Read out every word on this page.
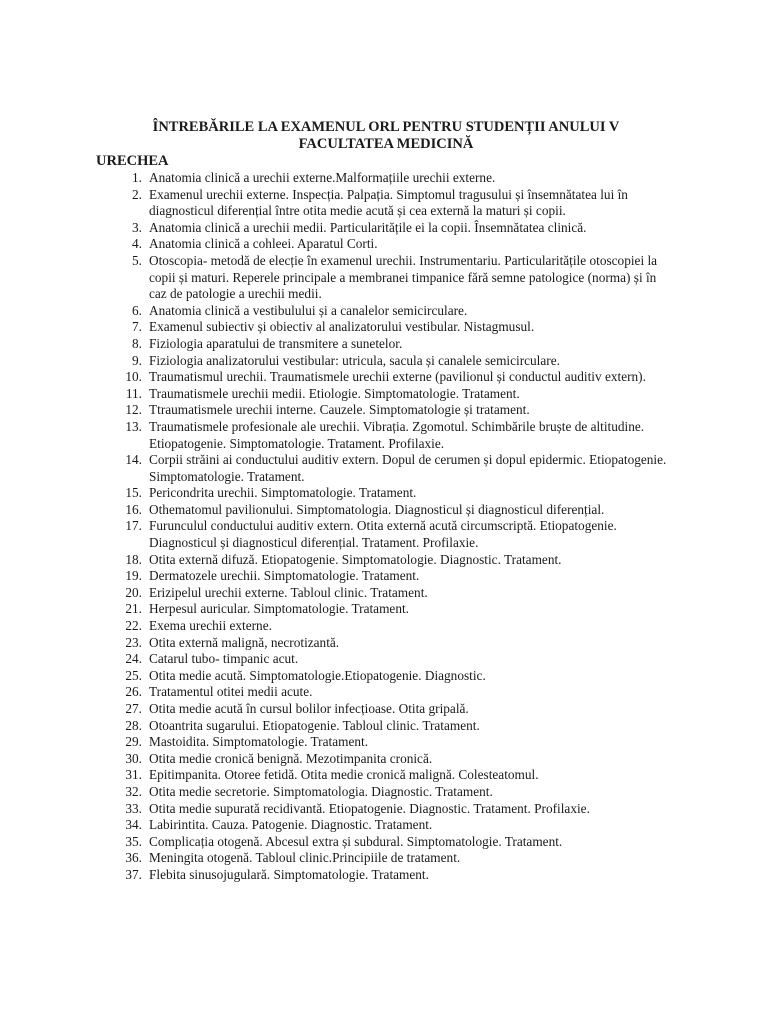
ÎNTREBĂRILE LA EXAMENUL ORL PENTRU STUDENȚII ANULUI V
FACULTATEA MEDICINĂ
URECHEA
1. Anatomia clinică a urechii externe.Malformațiile urechii externe.
2. Examenul urechii externe. Inspecția. Palpația. Simptomul tragusului și însemnătatea lui în diagnosticul diferențial între otita medie acută și cea externă la maturi și copii.
3. Anatomia clinică a urechii medii. Particularitățile ei la copii. Însemnătatea clinică.
4. Anatomia clinică a cohleei. Aparatul Corti.
5. Otoscopia- metodă de elecție în examenul urechii. Instrumentariu. Particularitățile otoscopiei la copii și maturi. Reperele principale a membranei timpanice fără semne patologice (norma) și în caz de patologie a urechii medii.
6. Anatomia clinică a vestibulului și a canalelor semicirculare.
7. Examenul subiectiv și obiectiv al analizatorului vestibular. Nistagmusul.
8. Fiziologia aparatului de transmitere a sunetelor.
9. Fiziologia analizatorului vestibular: utricula, sacula și canalele semicirculare.
10. Traumatismul urechii. Traumatismele urechii externe (pavilionul și conductul auditiv extern).
11. Traumatismele urechii medii. Etiologie. Simptomatologie. Tratament.
12. Ttraumatismele urechii interne. Cauzele. Simptomatologie și tratament.
13. Traumatismele profesionale ale urechii. Vibrația. Zgomotul. Schimbările bruște de altitudine. Etiopatogenie. Simptomatologie. Tratament. Profilaxie.
14. Corpii străini ai conductului auditiv extern. Dopul de cerumen și dopul epidermic. Etiopatogenie. Simptomatologie. Tratament.
15. Pericondrita urechii. Simptomatologie. Tratament.
16. Othematomul pavilionului. Simptomatologia. Diagnosticul și diagnosticul diferențial.
17. Furunculul conductului auditiv extern. Otita externă acută circumscriptă. Etiopatogenie. Diagnosticul și diagnosticul diferențial. Tratament. Profilaxie.
18. Otita externă difuză. Etiopatogenie. Simptomatologie. Diagnostic. Tratament.
19. Dermatozele urechii. Simptomatologie. Tratament.
20. Erizipelul urechii externe. Tabloul clinic. Tratament.
21. Herpesul auricular. Simptomatologie. Tratament.
22. Exema urechii externe.
23. Otita externă malignă, necrotizantă.
24. Catarul tubo- timpanic acut.
25. Otita medie acută. Simptomatologie.Etiopatogenie. Diagnostic.
26. Tratamentul otitei medii acute.
27. Otita medie acută în cursul bolilor infecțioase. Otita gripală.
28. Otoantrita sugarului. Etiopatogenie. Tabloul clinic. Tratament.
29. Mastoidita. Simptomatologie. Tratament.
30. Otita medie cronică benignă. Mezotimpanita cronică.
31. Epitimpanita. Otoree fetidă. Otita medie cronică malignă. Colesteatomul.
32. Otita medie secretorie. Simptomatologia. Diagnostic. Tratament.
33. Otita medie supurată recidivantă. Etiopatogenie. Diagnostic. Tratament. Profilaxie.
34. Labirintita. Cauza. Patogenie. Diagnostic. Tratament.
35. Complicația otogenă. Abcesul extra și subdural. Simptomatologie. Tratament.
36. Meningita otogenă. Tabloul clinic.Principiile de tratament.
37. Flebita sinusojugulară. Simptomatologie. Tratament.
